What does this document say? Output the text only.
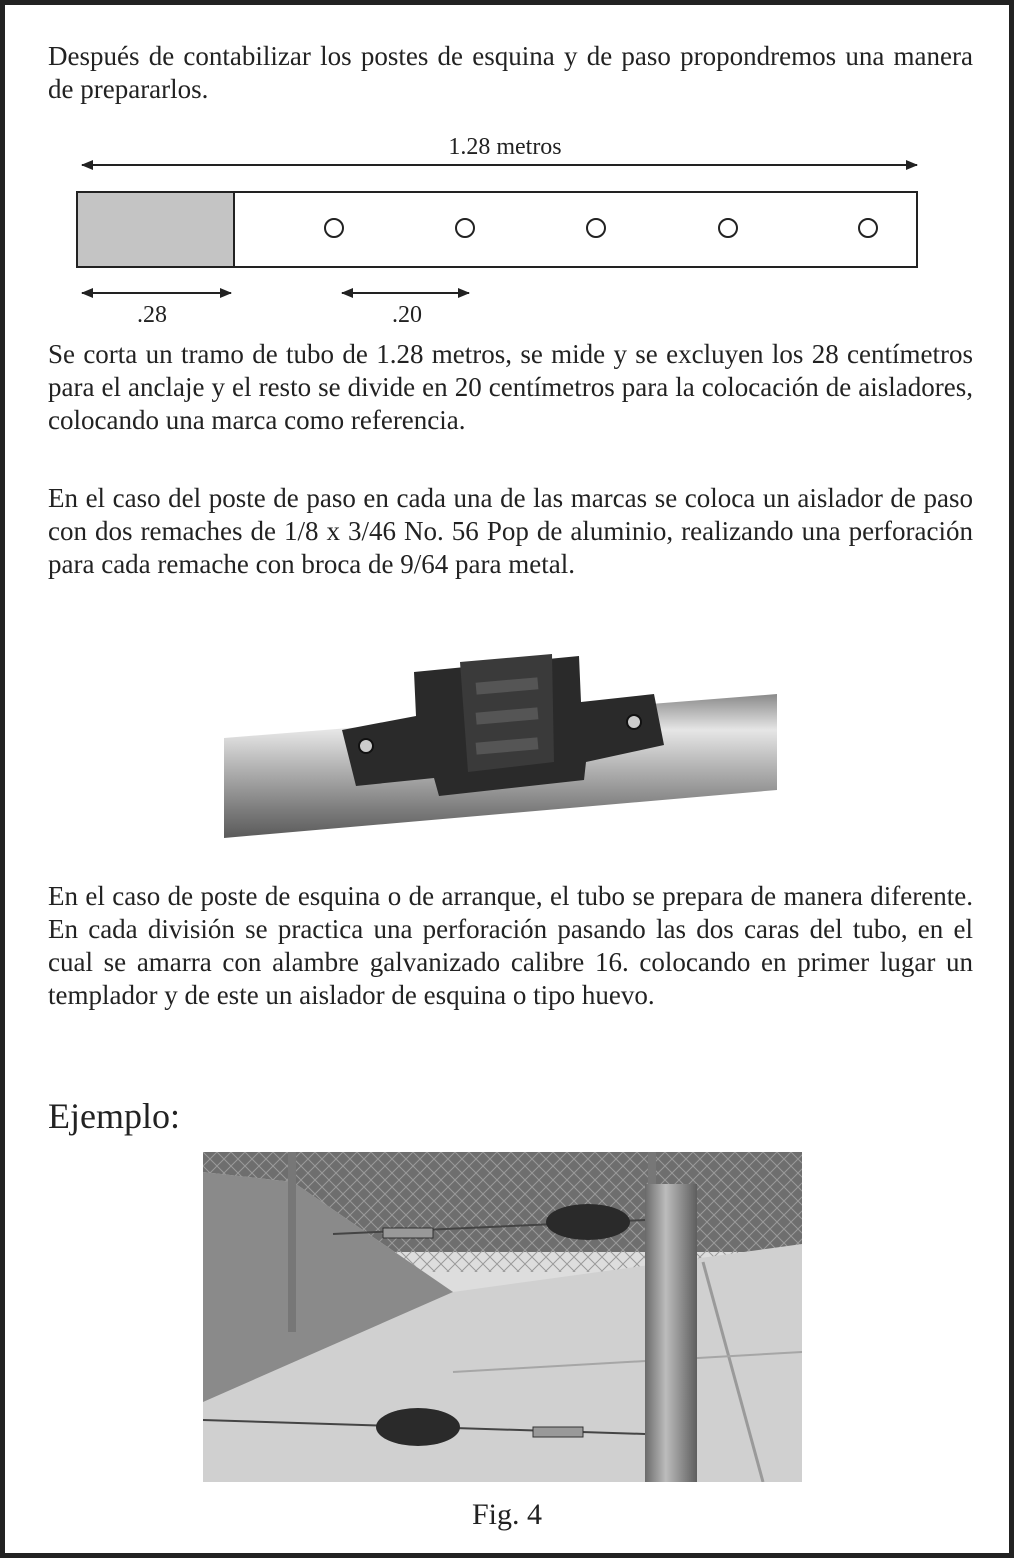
Después de contabilizar los postes de esquina y de paso propondremos una manera de prepararlos.

1.28 metros
.28	.20

Se corta un tramo de tubo de 1.28 metros, se mide y se excluyen los 28 centímetros para el anclaje y el resto se divide en 20 centímetros para la colocación de aisladores, colocando una marca como referencia.

En el caso del poste de paso en cada una de las marcas se coloca un aislador de paso con dos remaches de 1/8 x 3/46 No. 56 Pop de aluminio, realizando una perforación para cada remache con broca de 9/64 para metal.

En el caso de poste de esquina o de arranque, el tubo se prepara de manera diferente. En cada división se practica una perforación pasando las dos caras del tubo, en el cual se amarra con alambre galvanizado calibre 16. colocando en primer lugar un templador y de este un aislador de esquina o tipo huevo.

Ejemplo:

Fig. 4
